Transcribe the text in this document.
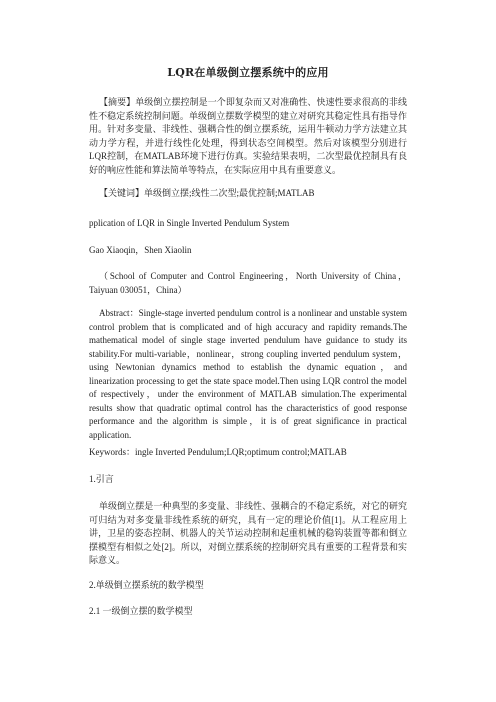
LQR在单级倒立摆系统中的应用

【摘要】单级倒立摆控制是一个即复杂而又对准确性、快速性要求很高的非线性不稳定系统控制问题。单级倒立摆数学模型的建立对研究其稳定性具有指导作用。针对多变量、非线性、强耦合性的倒立摆系统，运用牛顿动力学方法建立其动力学方程，并进行线性化处理，得到状态空间模型。然后对该模型分别进行LQR控制，在MATLAB环境下进行仿真。实验结果表明，二次型最优控制具有良好的响应性能和算法简单等特点，在实际应用中具有重要意义。

【关键词】单级倒立摆;线性二次型;最优控制;MATLAB

pplication of LQR in Single Inverted Pendulum System

Gao Xiaoqin，Shen Xiaolin

（School of Computer and Control Engineering，North University of China，Taiyuan 030051，China）

Abstract：Single-stage inverted pendulum control is a nonlinear and unstable system control problem that is complicated and of high accuracy and rapidity remands.The mathematical model of single stage inverted pendulum have guidance to study its stability.For multi-variable，nonlinear，strong coupling inverted pendulum system，using Newtonian dynamics method to establish the dynamic equation，and linearization processing to get the state space model.Then using LQR control the model of respectively，under the environment of MATLAB simulation.The experimental results show that quadratic optimal control has the characteristics of good response performance and the algorithm is simple，it is of great significance in practical application.

Keywords：ingle Inverted Pendulum;LQR;optimum control;MATLAB

1.引言

单级倒立摆是一种典型的多变量、非线性、强耦合的不稳定系统，对它的研究可归结为对多变量非线性系统的研究，具有一定的理论价值[1]。从工程应用上讲，卫星的姿态控制、机器人的关节运动控制和起重机械的稳钩装置等都和倒立摆模型有相似之处[2]。所以，对倒立摆系统的控制研究具有重要的工程背景和实际意义。

2.单级倒立摆系统的数学模型

2.1 一级倒立摆的数学模型
